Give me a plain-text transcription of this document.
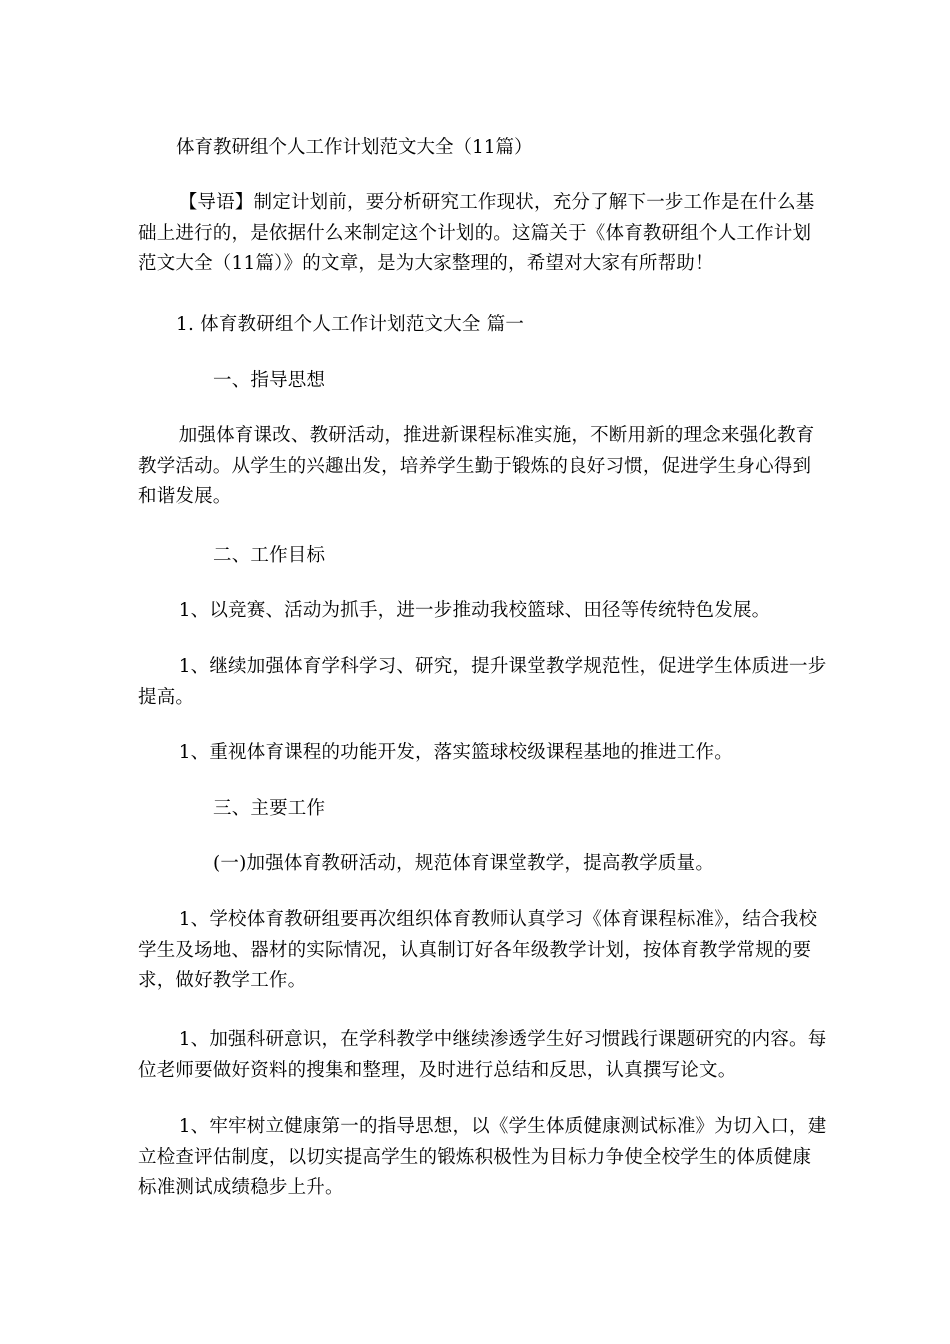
体育教研组个人工作计划范文大全（11篇）

【导语】制定计划前，要分析研究工作现状，充分了解下一步工作是在什么基础上进行的，是依据什么来制定这个计划的。这篇关于《体育教研组个人工作计划范文大全（11篇）》的文章，是为大家整理的，希望对大家有所帮助！

1. 体育教研组个人工作计划范文大全 篇一

一、指导思想

加强体育课改、教研活动，推进新课程标准实施，不断用新的理念来强化教育教学活动。从学生的兴趣出发，培养学生勤于锻炼的良好习惯，促进学生身心得到和谐发展。

二、工作目标

1、以竞赛、活动为抓手，进一步推动我校篮球、田径等传统特色发展。

1、继续加强体育学科学习、研究，提升课堂教学规范性，促进学生体质进一步提高。

1、重视体育课程的功能开发，落实篮球校级课程基地的推进工作。

三、主要工作

(一)加强体育教研活动，规范体育课堂教学，提高教学质量。

1、学校体育教研组要再次组织体育教师认真学习《体育课程标准》，结合我校学生及场地、器材的实际情况，认真制订好各年级教学计划，按体育教学常规的要求，做好教学工作。

1、加强科研意识，在学科教学中继续渗透学生好习惯践行课题研究的内容。每位老师要做好资料的搜集和整理，及时进行总结和反思，认真撰写论文。

1、牢牢树立健康第一的指导思想，以《学生体质健康测试标准》为切入口，建立检查评估制度，以切实提高学生的锻炼积极性为目标力争使全校学生的体质健康标准测试成绩稳步上升。
